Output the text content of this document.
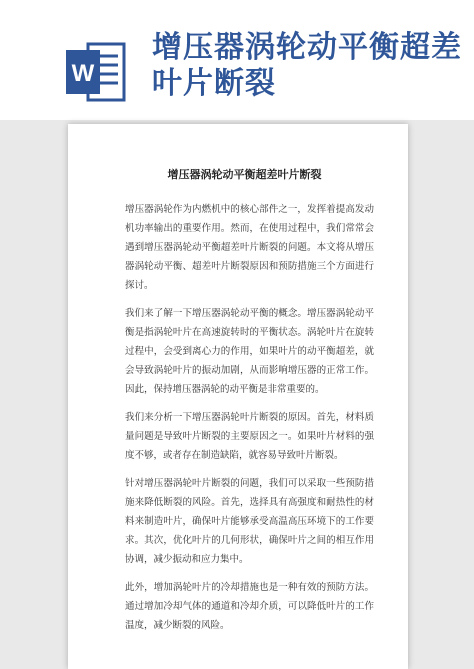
W
增压器涡轮动平衡超差叶片断裂
增压器涡轮动平衡超差叶片断裂

增压器涡轮作为内燃机中的核心部件之一，发挥着提高发动机功率输出的重要作用。然而，在使用过程中，我们常常会遇到增压器涡轮动平衡超差叶片断裂的问题。本文将从增压器涡轮动平衡、超差叶片断裂原因和预防措施三个方面进行探讨。

我们来了解一下增压器涡轮动平衡的概念。增压器涡轮动平衡是指涡轮叶片在高速旋转时的平衡状态。涡轮叶片在旋转过程中，会受到离心力的作用，如果叶片的动平衡超差，就会导致涡轮叶片的振动加剧，从而影响增压器的正常工作。因此，保持增压器涡轮的动平衡是非常重要的。

我们来分析一下增压器涡轮叶片断裂的原因。首先，材料质量问题是导致叶片断裂的主要原因之一。如果叶片材料的强度不够，或者存在制造缺陷，就容易导致叶片断裂。

针对增压器涡轮叶片断裂的问题，我们可以采取一些预防措施来降低断裂的风险。首先，选择具有高强度和耐热性的材料来制造叶片，确保叶片能够承受高温高压环境下的工作要求。其次，优化叶片的几何形状，确保叶片之间的相互作用协调，减少振动和应力集中。

此外，增加涡轮叶片的冷却措施也是一种有效的预防方法。通过增加冷却气体的通道和冷却介质，可以降低叶片的工作温度，减少断裂的风险。
